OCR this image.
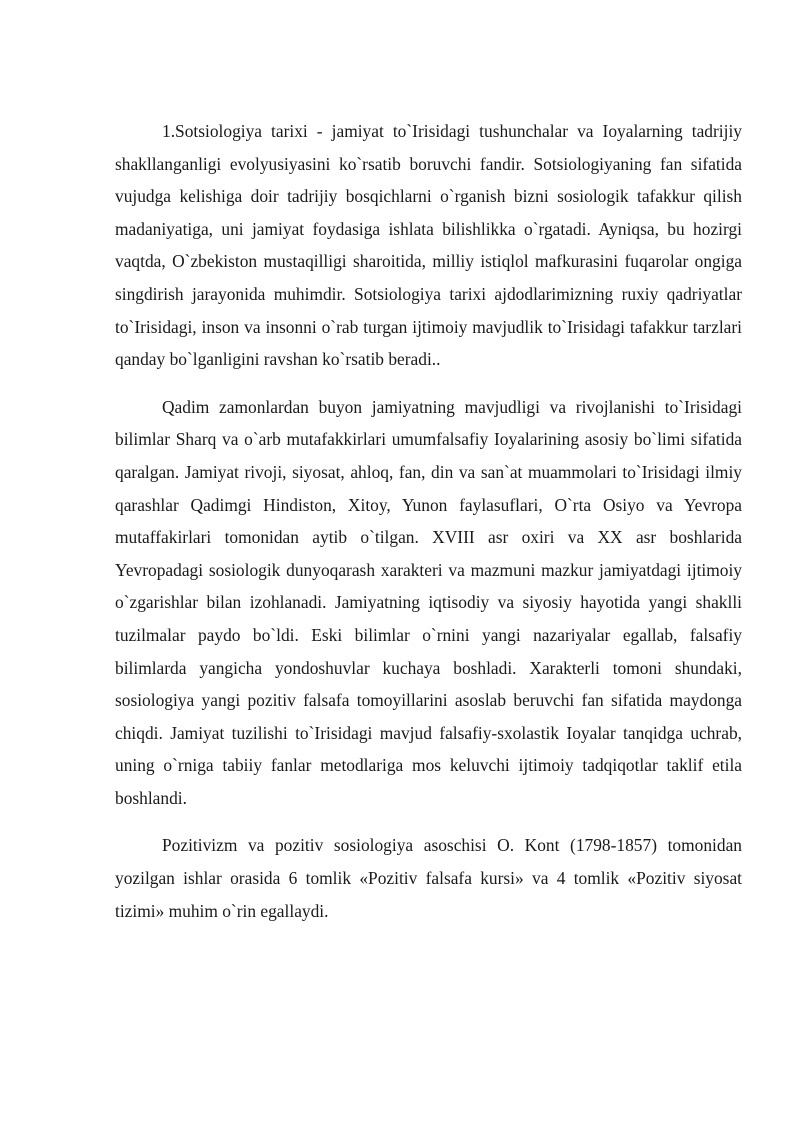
1.Sotsiologiya tarixi - jamiyat to`Irisidagi tushunchalar va Ioyalarning tadrijiy shakllanganligi evolyusiyasini ko`rsatib boruvchi fandir. Sotsiologiyaning fan sifatida vujudga kelishiga doir tadrijiy bosqichlarni o`rganish bizni sosiologik tafakkur qilish madaniyatiga, uni jamiyat foydasiga ishlata bilishlikka o`rgatadi. Ayniqsa, bu hozirgi vaqtda, O`zbekiston mustaqilligi sharoitida, milliy istiqlol mafkurasini fuqarolar ongiga singdirish jarayonida muhimdir. Sotsiologiya tarixi ajdodlarimizning ruxiy qadriyatlar to`Irisidagi, inson va insonni o`rab turgan ijtimoiy mavjudlik to`Irisidagi tafakkur tarzlari qanday bo`lganligini ravshan ko`rsatib beradi..

Qadim zamonlardan buyon jamiyatning mavjudligi va rivojlanishi to`Irisidagi bilimlar Sharq va o`arb mutafakkirlari umumfalsafiy Ioyalarining asosiy bo`limi sifatida qaralgan. Jamiyat rivoji, siyosat, ahloq, fan, din va san`at muammolari to`Irisidagi ilmiy qarashlar Qadimgi Hindiston, Xitoy, Yunon faylasuflari, O`rta Osiyo va Yevropa mutaffakirlari tomonidan aytib o`tilgan. XVIII asr oxiri va XX asr boshlarida Yevropadagi sosiologik dunyoqarash xarakteri va mazmuni mazkur jamiyatdagi ijtimoiy o`zgarishlar bilan izohlanadi. Jamiyatning iqtisodiy va siyosiy hayotida yangi shaklli tuzilmalar paydo bo`ldi. Eski bilimlar o`rnini yangi nazariyalar egallab, falsafiy bilimlarda yangicha yondoshuvlar kuchaya boshladi. Xarakterli tomoni shundaki, sosiologiya yangi pozitiv falsafa tomoyillarini asoslab beruvchi fan sifatida maydonga chiqdi. Jamiyat tuzilishi to`Irisidagi mavjud falsafiy-sxolastik Ioyalar tanqidga uchrab, uning o`rniga tabiiy fanlar metodlariga mos keluvchi ijtimoiy tadqiqotlar taklif etila boshlandi.

Pozitivizm va pozitiv sosiologiya asoschisi O. Kont (1798-1857) tomonidan yozilgan ishlar orasida 6 tomlik «Pozitiv falsafa kursi» va 4 tomlik «Pozitiv siyosat tizimi» muhim o`rin egallaydi.
